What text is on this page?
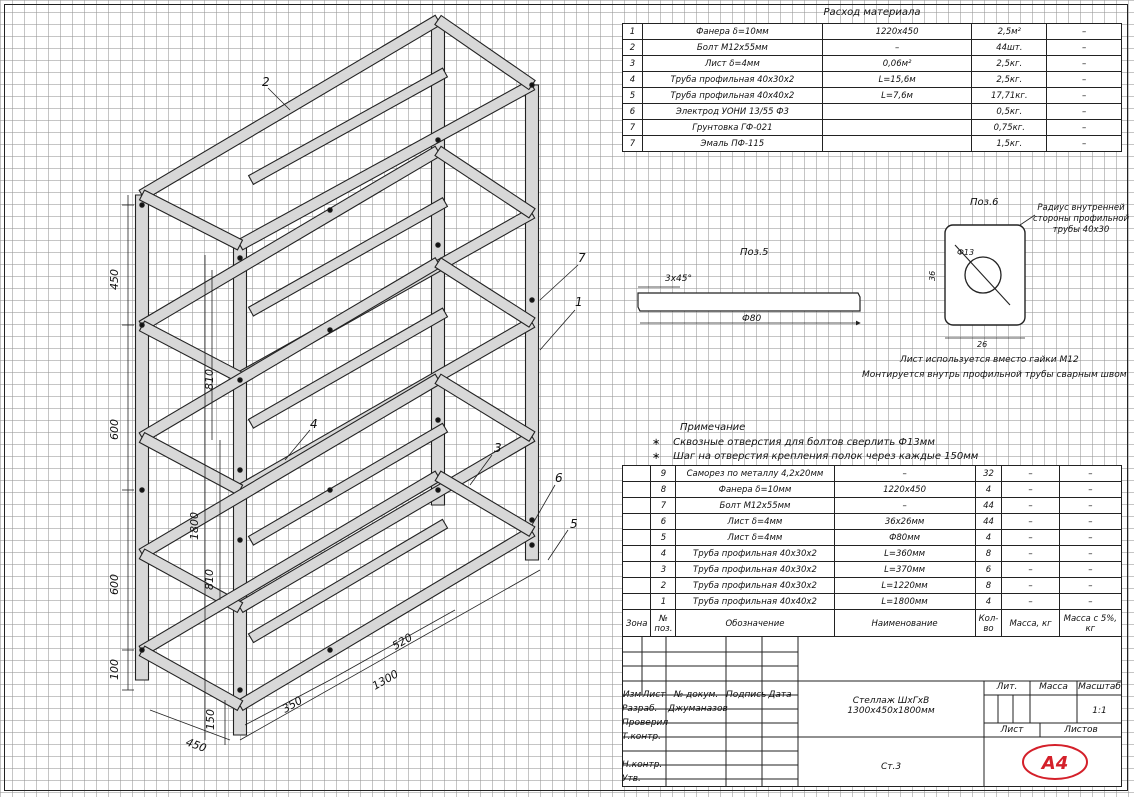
450
600
600
100
810
810
1800
150
450
350
520
1300
2
7
1
4
3
6
5
Расход материала
1	Фанера δ=10мм	1220х450	2,5м²	–
2	Болт М12х55мм	–	44шт.	–
3	Лист δ=4мм	0,06м²	2,5кг.	–
4	Труба профильная 40х30х2	L=15,6м	2,5кг.	–
5	Труба профильная 40х40х2	L=7,6м	17,71кг.	–
6	Электрод УОНИ 13/55 Ф3		0,5кг.	–
7	Грунтовка ГФ-021		0,75кг.	–
7	Эмаль ПФ-115		1,5кг.	–
Поз.5
3х45°
Ф80
Поз.6
Ф13
36
26
Радиус внутренней стороны профильной трубы 40х30
Лист используется вместо гайки М12
Монтируется внутрь профильной трубы сварным швом
Примечание
∗    Сквозные отверстия для болтов сверлить Ф13мм
∗    Шаг на отверстия крепления полок через каждые 150мм
	9	Саморез по металлу 4,2х20мм	–	32	–	–
	8	Фанера δ=10мм	1220х450	4	–	–
	7	Болт М12х55мм	–	44	–	–
	6	Лист δ=4мм	36х26мм	44	–	–
	5	Лист δ=4мм	Ф80мм	4	–	–
	4	Труба профильная 40х30х2	L=360мм	8	–	–
	3	Труба профильная 40х30х2	L=370мм	6	–	–
	2	Труба профильная 40х30х2	L=1220мм	8	–	–
	1	Труба профильная 40х40х2	L=1800мм	4	–	–
Зона	№ поз.	Обозначение	Наименование	Кол-во	Масса, кг	Масса с 5%, кг
Изм Лист № докум. Подпись Дата
Разраб. Джуманазов
Проверил
Т.контр.
Н.контр.
Утв.
Стеллаж ШхГхВ
1300х450х1800мм
Ст.3
Лит.	Масса	Масштаб
1:1
Лист	Листов
А4
